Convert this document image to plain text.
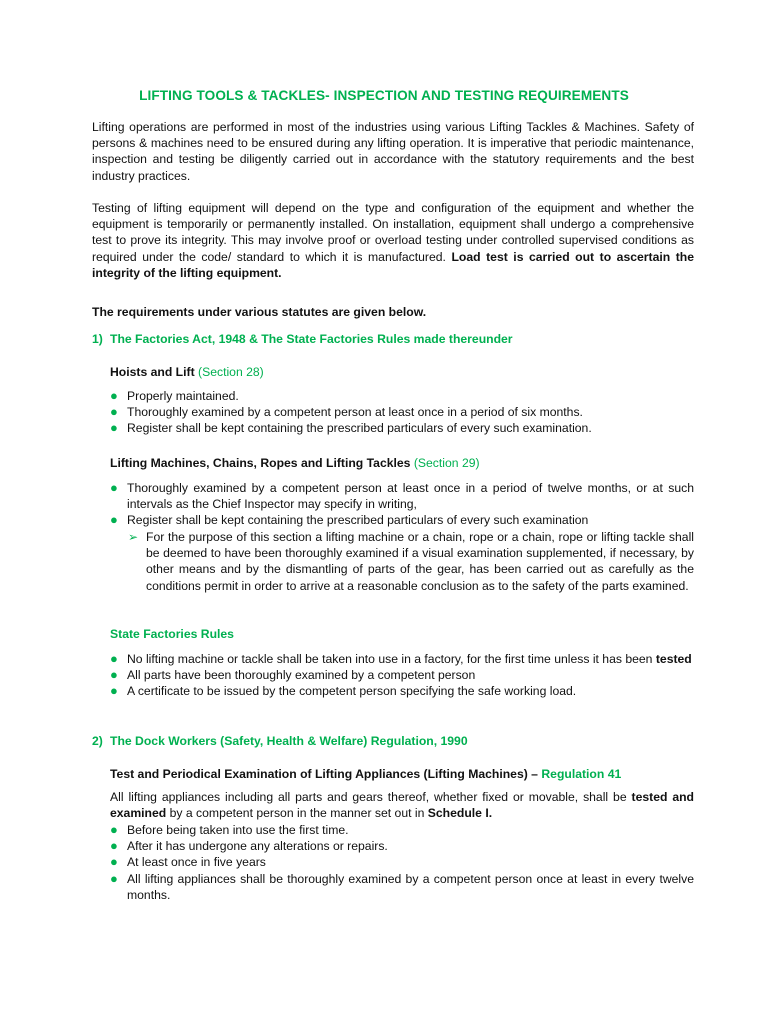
LIFTING TOOLS & TACKLES- INSPECTION AND TESTING REQUIREMENTS
Lifting operations are performed in most of the industries using various Lifting Tackles & Machines. Safety of persons & machines need to be ensured during any lifting operation. It is imperative that periodic maintenance, inspection and testing be diligently carried out in accordance with the statutory requirements and the best industry practices.
Testing of lifting equipment will depend on the type and configuration of the equipment and whether the equipment is temporarily or permanently installed. On installation, equipment shall undergo a comprehensive test to prove its integrity. This may involve proof or overload testing under controlled supervised conditions as required under the code/ standard to which it is manufactured. Load test is carried out to ascertain the integrity of the lifting equipment.
The requirements under various statutes are given below.
1) The Factories Act, 1948 & The State Factories Rules made thereunder
Hoists and Lift (Section 28)
● Properly maintained.
● Thoroughly examined by a competent person at least once in a period of six months.
● Register shall be kept containing the prescribed particulars of every such examination.
Lifting Machines, Chains, Ropes and Lifting Tackles (Section 29)
● Thoroughly examined by a competent person at least once in a period of twelve months, or at such intervals as the Chief Inspector may specify in writing,
● Register shall be kept containing the prescribed particulars of every such examination
➢ For the purpose of this section a lifting machine or a chain, rope or a chain, rope or lifting tackle shall be deemed to have been thoroughly examined if a visual examination supplemented, if necessary, by other means and by the dismantling of parts of the gear, has been carried out as carefully as the conditions permit in order to arrive at a reasonable conclusion as to the safety of the parts examined.
State Factories Rules
● No lifting machine or tackle shall be taken into use in a factory, for the first time unless it has been tested
● All parts have been thoroughly examined by a competent person
● A certificate to be issued by the competent person specifying the safe working load.
2) The Dock Workers (Safety, Health & Welfare) Regulation, 1990
Test and Periodical Examination of Lifting Appliances (Lifting Machines) – Regulation 41
All lifting appliances including all parts and gears thereof, whether fixed or movable, shall be tested and examined by a competent person in the manner set out in Schedule I.
● Before being taken into use the first time.
● After it has undergone any alterations or repairs.
● At least once in five years
● All lifting appliances shall be thoroughly examined by a competent person once at least in every twelve months.
